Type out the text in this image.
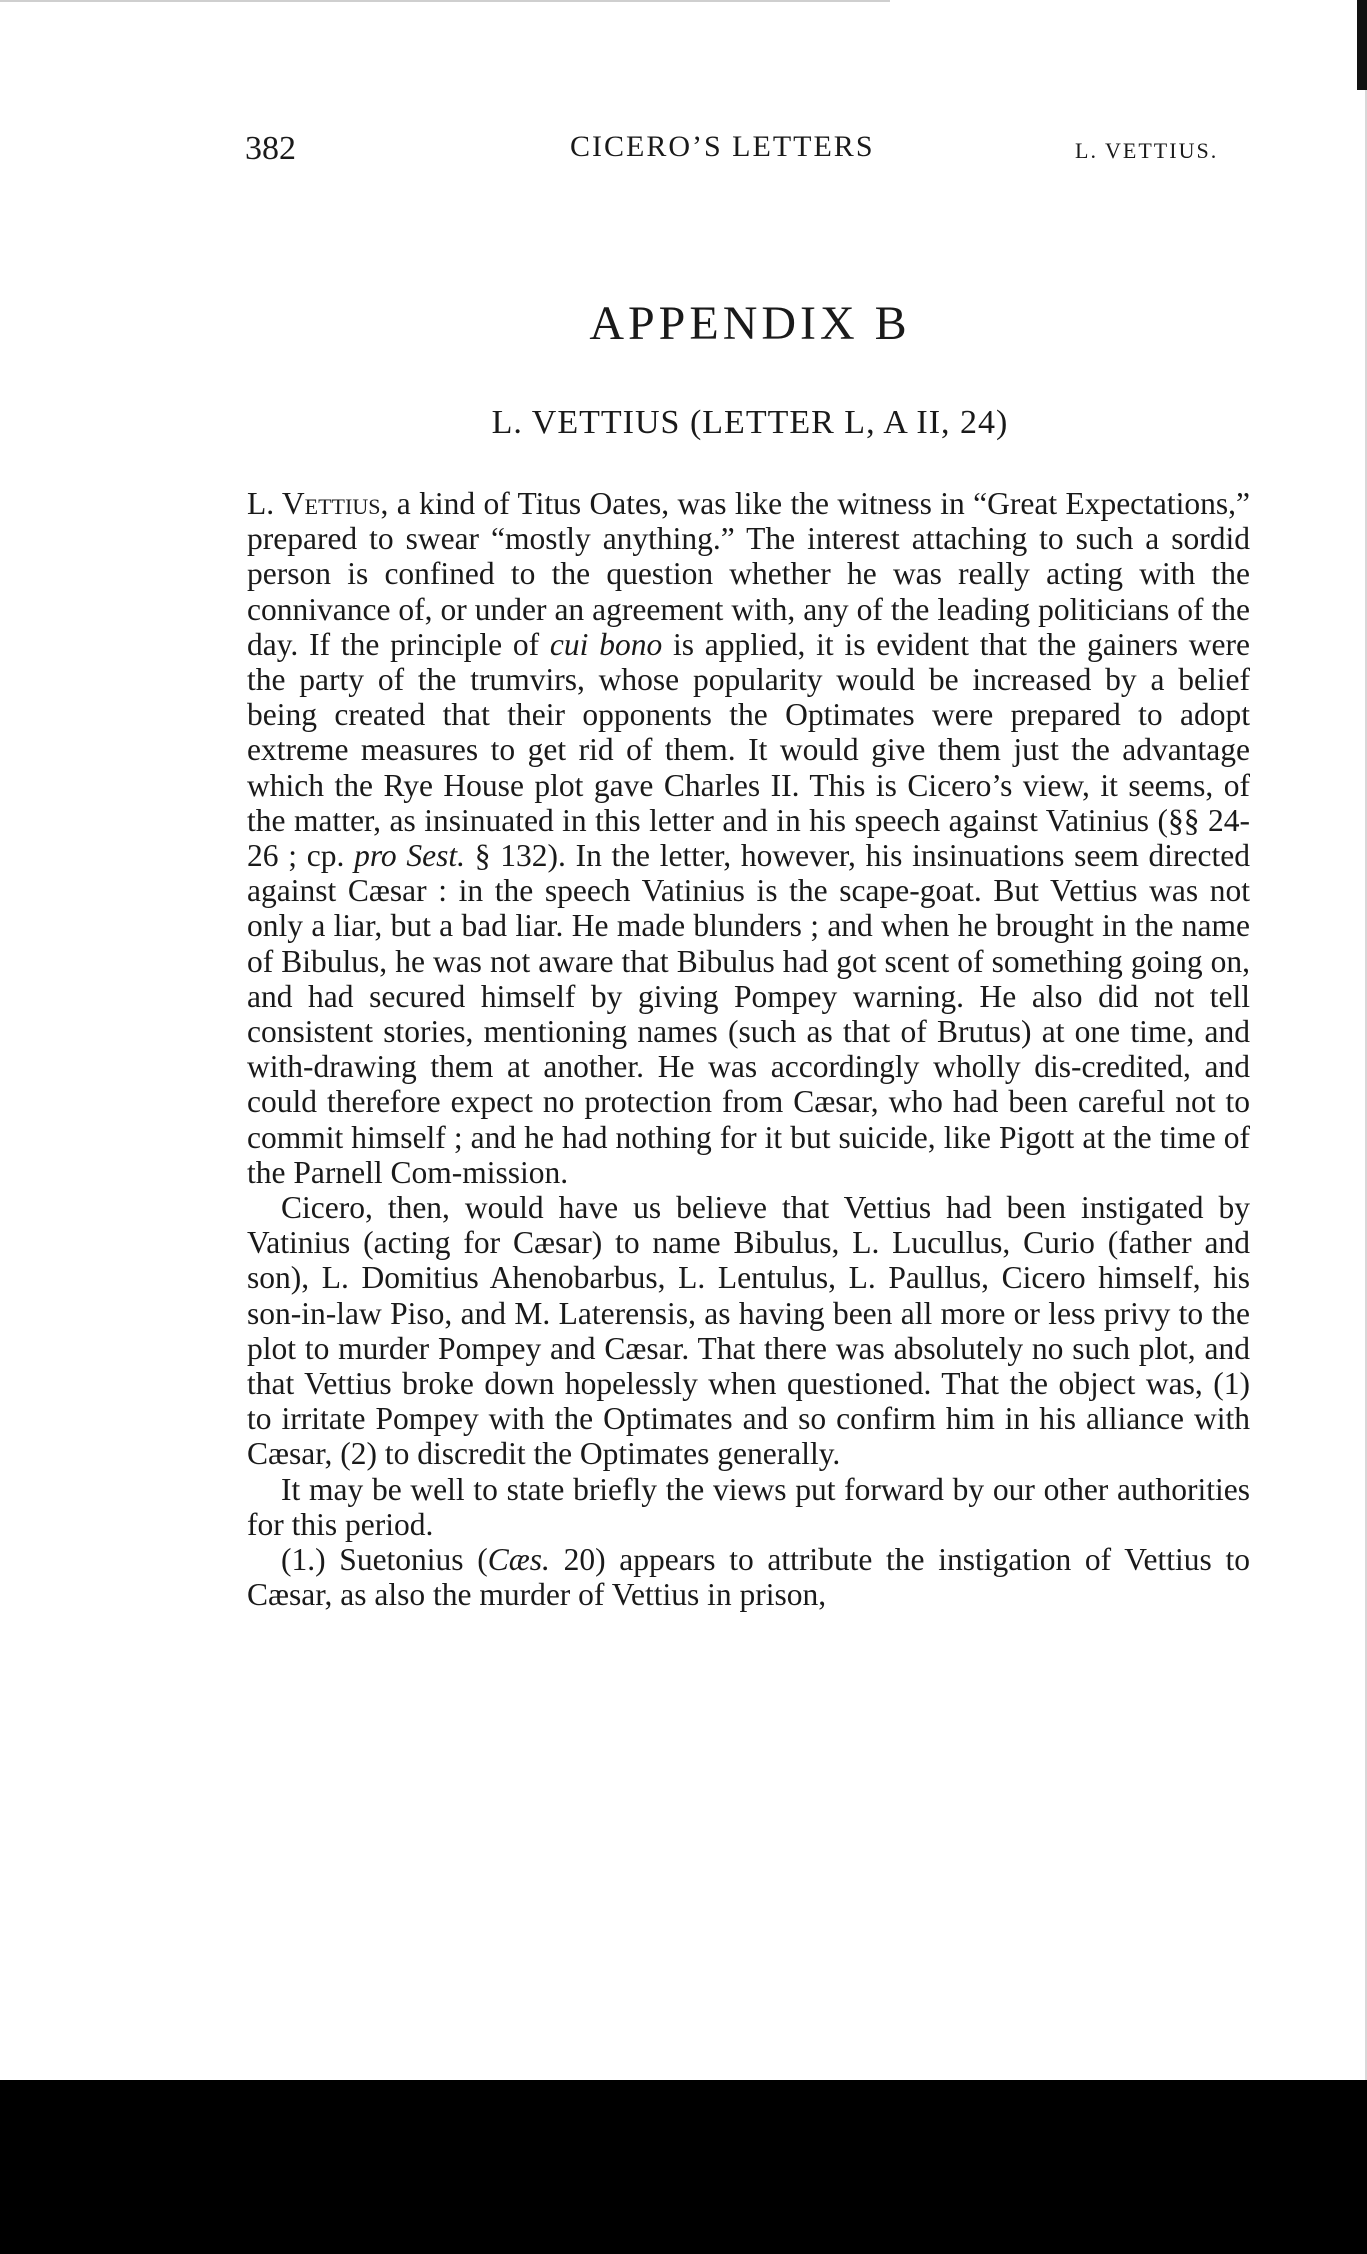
382	CICERO’S LETTERS	L. VETTIUS.
APPENDIX B
L. VETTIUS (LETTER L, A II, 24)

L. Vettius, a kind of Titus Oates, was like the witness in “Great Expectations,” prepared to swear “mostly anything.” The interest attaching to such a sordid person is confined to the question whether he was really acting with the connivance of, or under an agreement with, any of the leading politicians of the day. If the principle of cui bono is applied, it is evident that the gainers were the party of the trumvirs, whose popularity would be increased by a belief being created that their opponents the Optimates were prepared to adopt extreme measures to get rid of them. It would give them just the advantage which the Rye House plot gave Charles II. This is Cicero’s view, it seems, of the matter, as insinuated in this letter and in his speech against Vatinius (§§ 24-26 ; cp. pro Sest. § 132). In the letter, however, his insinuations seem directed against Cæsar : in the speech Vatinius is the scape-goat. But Vettius was not only a liar, but a bad liar. He made blunders ; and when he brought in the name of Bibulus, he was not aware that Bibulus had got scent of something going on, and had secured himself by giving Pompey warning. He also did not tell consistent stories, mentioning names (such as that of Brutus) at one time, and with-drawing them at another. He was accordingly wholly dis-credited, and could therefore expect no protection from Cæsar, who had been careful not to commit himself ; and he had nothing for it but suicide, like Pigott at the time of the Parnell Com-mission.

Cicero, then, would have us believe that Vettius had been instigated by Vatinius (acting for Cæsar) to name Bibulus, L. Lucullus, Curio (father and son), L. Domitius Ahenobarbus, L. Lentulus, L. Paullus, Cicero himself, his son-in-law Piso, and M. Laterensis, as having been all more or less privy to the plot to murder Pompey and Cæsar. That there was absolutely no such plot, and that Vettius broke down hopelessly when questioned. That the object was, (1) to irritate Pompey with the Optimates and so confirm him in his alliance with Cæsar, (2) to discredit the Optimates generally.

It may be well to state briefly the views put forward by our other authorities for this period.

(1.) Suetonius (Cæs. 20) appears to attribute the instigation of Vettius to Cæsar, as also the murder of Vettius in prison,
